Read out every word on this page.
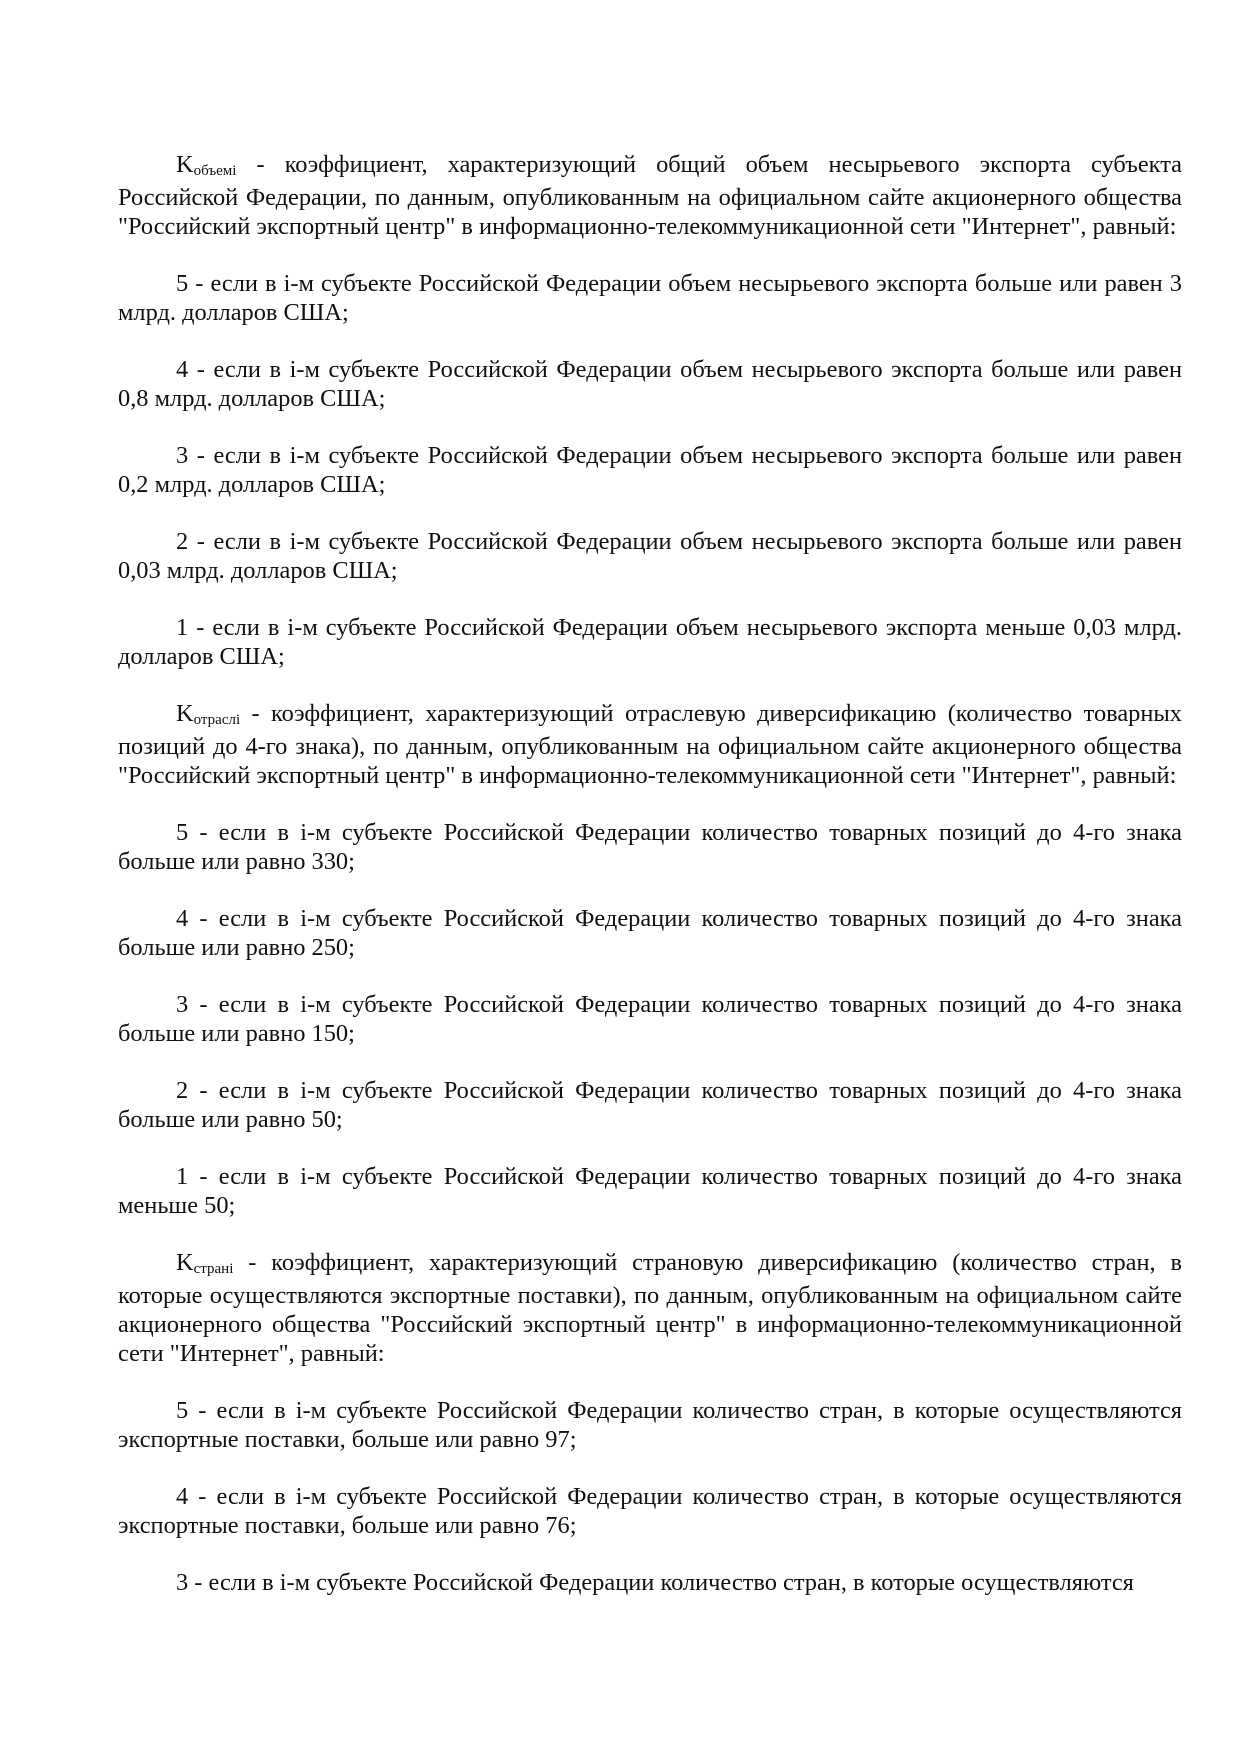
Kобъемi - коэффициент, характеризующий общий объем несырьевого экспорта субъекта Российской Федерации, по данным, опубликованным на официальном сайте акционерного общества "Российский экспортный центр" в информационно-телекоммуникационной сети "Интернет", равный:

5 - если в i-м субъекте Российской Федерации объем несырьевого экспорта больше или равен 3 млрд. долларов США;

4 - если в i-м субъекте Российской Федерации объем несырьевого экспорта больше или равен 0,8 млрд. долларов США;

3 - если в i-м субъекте Российской Федерации объем несырьевого экспорта больше или равен 0,2 млрд. долларов США;

2 - если в i-м субъекте Российской Федерации объем несырьевого экспорта больше или равен 0,03 млрд. долларов США;

1 - если в i-м субъекте Российской Федерации объем несырьевого экспорта меньше 0,03 млрд. долларов США;

Kотраслi - коэффициент, характеризующий отраслевую диверсификацию (количество товарных позиций до 4-го знака), по данным, опубликованным на официальном сайте акционерного общества "Российский экспортный центр" в информационно-телекоммуникационной сети "Интернет", равный:

5 - если в i-м субъекте Российской Федерации количество товарных позиций до 4-го знака больше или равно 330;

4 - если в i-м субъекте Российской Федерации количество товарных позиций до 4-го знака больше или равно 250;

3 - если в i-м субъекте Российской Федерации количество товарных позиций до 4-го знака больше или равно 150;

2 - если в i-м субъекте Российской Федерации количество товарных позиций до 4-го знака больше или равно 50;

1 - если в i-м субъекте Российской Федерации количество товарных позиций до 4-го знака меньше 50;

Kстранi - коэффициент, характеризующий страновую диверсификацию (количество стран, в которые осуществляются экспортные поставки), по данным, опубликованным на официальном сайте акционерного общества "Российский экспортный центр" в информационно-телекоммуникационной сети "Интернет", равный:

5 - если в i-м субъекте Российской Федерации количество стран, в которые осуществляются экспортные поставки, больше или равно 97;

4 - если в i-м субъекте Российской Федерации количество стран, в которые осуществляются экспортные поставки, больше или равно 76;

3 - если в i-м субъекте Российской Федерации количество стран, в которые осуществляются
